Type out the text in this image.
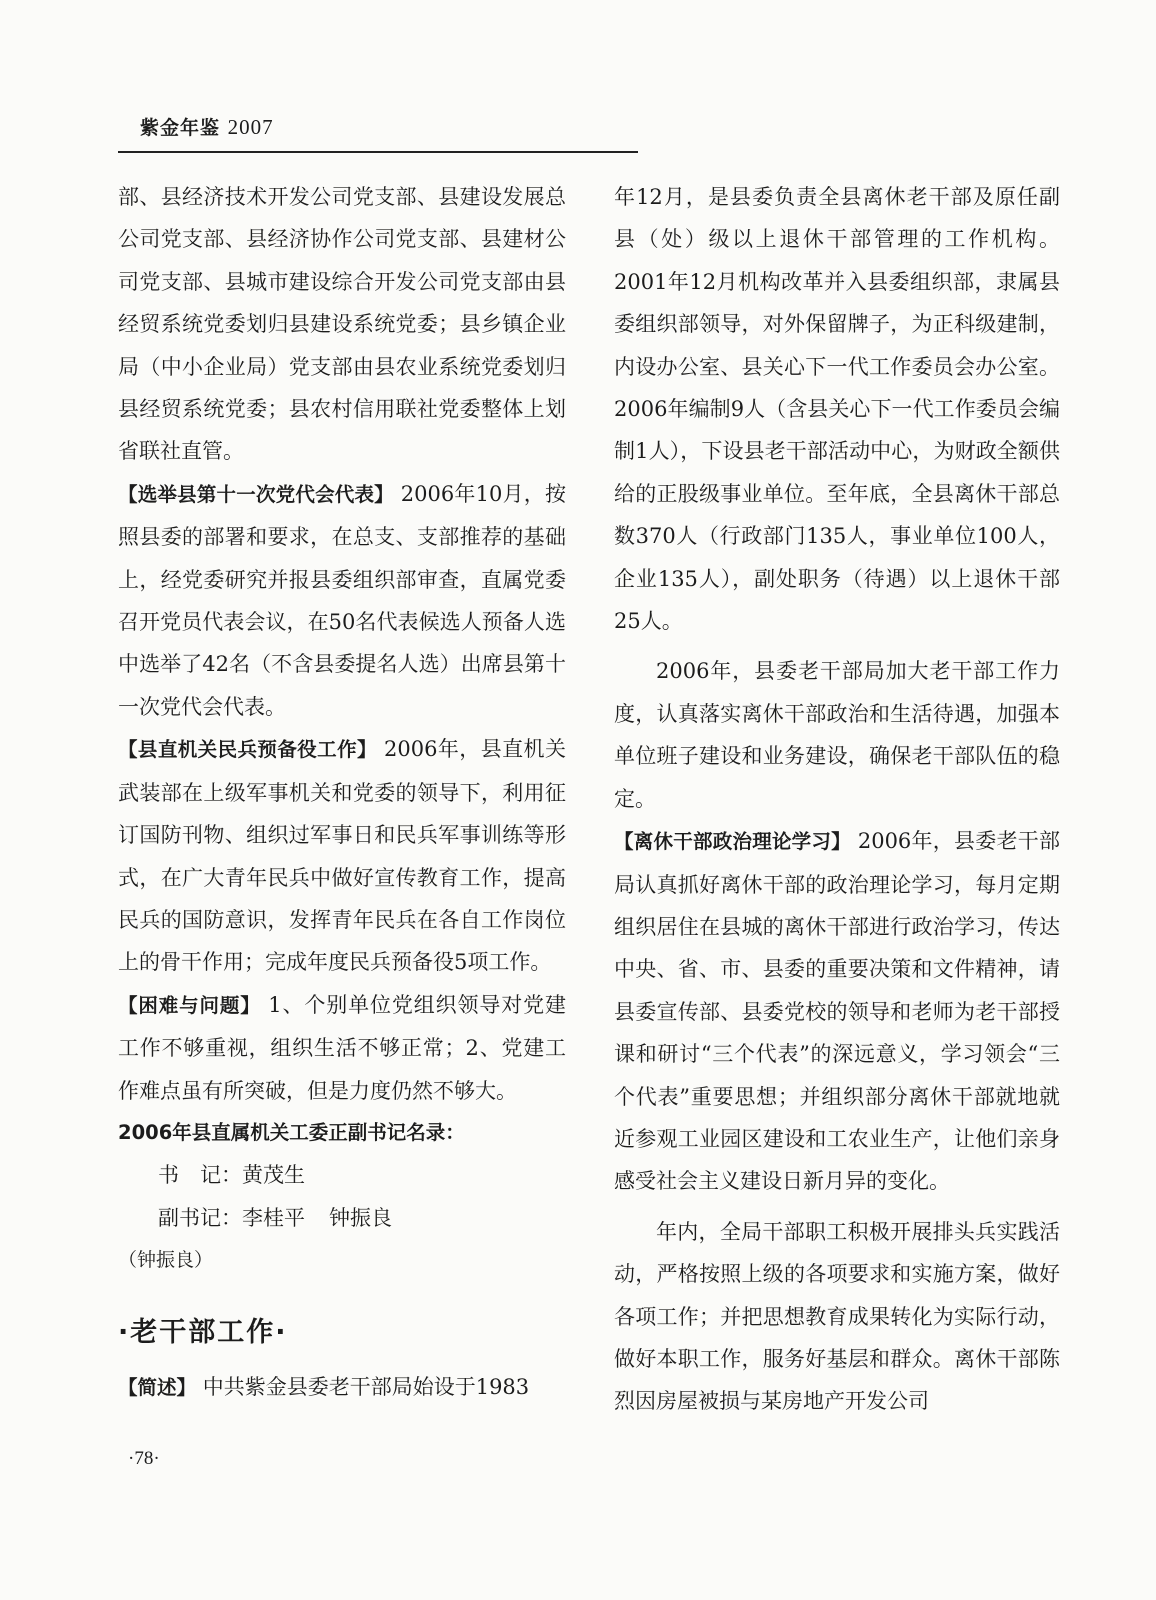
紫金年鉴 2007

部、县经济技术开发公司党支部、县建设发展总公司党支部、县经济协作公司党支部、县建材公司党支部、县城市建设综合开发公司党支部由县经贸系统党委划归县建设系统党委；县乡镇企业局（中小企业局）党支部由县农业系统党委划归县经贸系统党委；县农村信用联社党委整体上划省联社直管。

【选举县第十一次党代会代表】 2006年10月，按照县委的部署和要求，在总支、支部推荐的基础上，经党委研究并报县委组织部审查，直属党委召开党员代表会议，在50名代表候选人预备人选中选举了42名（不含县委提名人选）出席县第十一次党代会代表。

【县直机关民兵预备役工作】 2006年，县直机关武装部在上级军事机关和党委的领导下，利用征订国防刊物、组织过军事日和民兵军事训练等形式，在广大青年民兵中做好宣传教育工作，提高民兵的国防意识，发挥青年民兵在各自工作岗位上的骨干作用；完成年度民兵预备役5项工作。

【困难与问题】 1、个别单位党组织领导对党建工作不够重视，组织生活不够正常；2、党建工作难点虽有所突破，但是力度仍然不够大。

2006年县直属机关工委正副书记名录：

书　记：黄茂生

副书记：李桂平 钟振良

（钟振良）

·老干部工作·

【简述】 中共紫金县委老干部局始设于1983

年12月，是县委负责全县离休老干部及原任副县（处）级以上退休干部管理的工作机构。2001年12月机构改革并入县委组织部，隶属县委组织部领导，对外保留牌子，为正科级建制，内设办公室、县关心下一代工作委员会办公室。2006年编制9人（含县关心下一代工作委员会编制1人），下设县老干部活动中心，为财政全额供给的正股级事业单位。至年底，全县离休干部总数370人（行政部门135人，事业单位100人，企业135人），副处职务（待遇）以上退休干部25人。

2006年，县委老干部局加大老干部工作力度，认真落实离休干部政治和生活待遇，加强本单位班子建设和业务建设，确保老干部队伍的稳定。

【离休干部政治理论学习】 2006年，县委老干部局认真抓好离休干部的政治理论学习，每月定期组织居住在县城的离休干部进行政治学习，传达中央、省、市、县委的重要决策和文件精神，请县委宣传部、县委党校的领导和老师为老干部授课和研讨“三个代表”的深远意义，学习领会“三个代表”重要思想；并组织部分离休干部就地就近参观工业园区建设和工农业生产，让他们亲身感受社会主义建设日新月异的变化。

年内，全局干部职工积极开展排头兵实践活动，严格按照上级的各项要求和实施方案，做好各项工作；并把思想教育成果转化为实际行动，做好本职工作，服务好基层和群众。离休干部陈烈因房屋被损与某房地产开发公司

·78·
